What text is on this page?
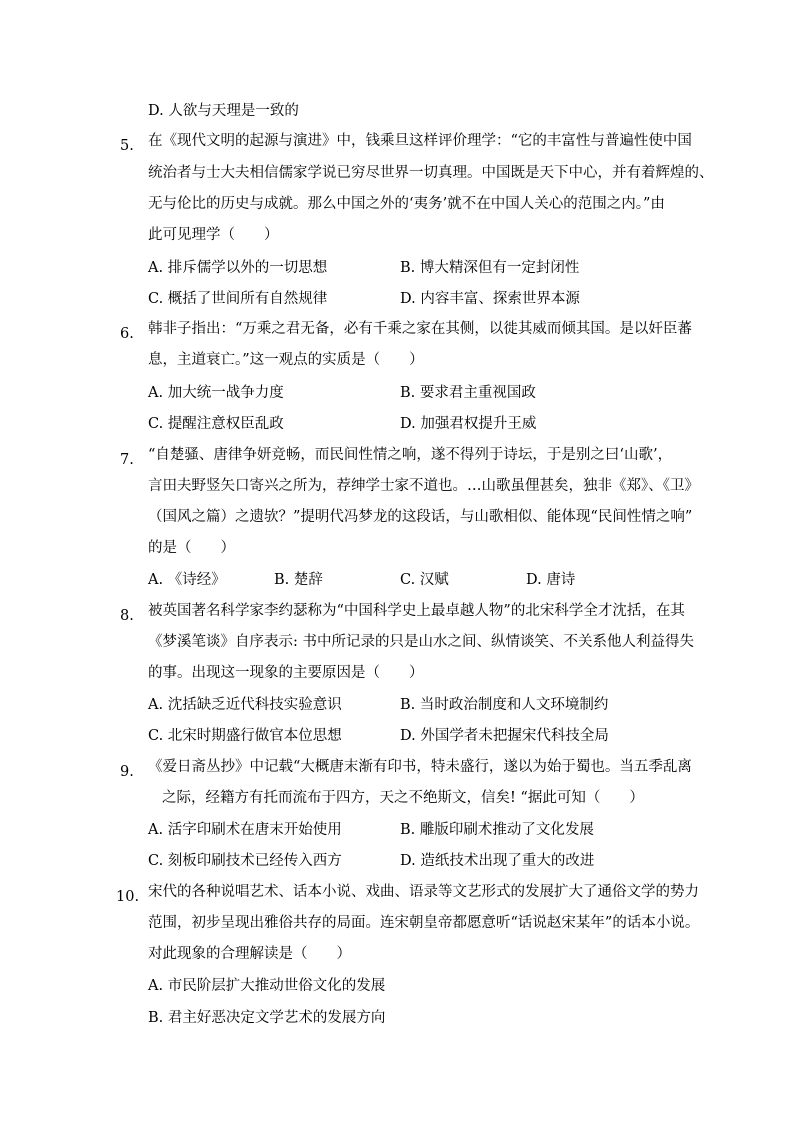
D. 人欲与天理是一致的
5. 在《现代文明的起源与演进》中，钱乘旦这样评价理学：“它的丰富性与普遍性使中国
统治者与士大夫相信儒家学说已穷尽世界一切真理。中国既是天下中心，并有着辉煌的、
无与伦比的历史与成就。那么中国之外的‘夷务’就不在中国人关心的范围之内。”由
此可见理学（　　）
A. 排斥儒学以外的一切思想	B. 博大精深但有一定封闭性
C. 概括了世间所有自然规律	D. 内容丰富、探索世界本源
6. 韩非子指出：“万乘之君无备，必有千乘之家在其侧，以徙其威而倾其国。是以奸臣蕃
息，主道衰亡。”这一观点的实质是（　　）
A. 加大统一战争力度	B. 要求君主重视国政
C. 提醒注意权臣乱政	D. 加强君权提升王威
7. “自楚骚、唐律争妍竞畅，而民间性情之响，遂不得列于诗坛，于是别之曰‘山歌’，
言田夫野竖矢口寄兴之所为，荐绅学士家不道也。…山歌虽俚甚矣，独非《郑》、《卫》
（国风之篇）之遗欤？”提明代冯梦龙的这段话，与山歌相似、能体现“民间性情之响”
的是（　　）
A. 《诗经》	B. 楚辞	C. 汉赋	D. 唐诗
8. 被英国著名科学家李约瑟称为“中国科学史上最卓越人物”的北宋科学全才沈括，在其
《梦溪笔谈》自序表示: 书中所记录的只是山水之间、纵情谈笑、不关系他人利益得失
的事。出现这一现象的主要原因是（　　）
A. 沈括缺乏近代科技实验意识	B. 当时政治制度和人文环境制约
C. 北宋时期盛行做官本位思想	D. 外国学者未把握宋代科技全局
9. 《爱日斋丛抄》中记载“大概唐末渐有印书，特未盛行，遂以为始于蜀也。当五季乱离
之际，经籍方有托而流布于四方，天之不绝斯文，信矣! “据此可知（　　）
A. 活字印刷术在唐末开始使用	B. 雕版印刷术推动了文化发展
C. 刻板印刷技术已经传入西方	D. 造纸技术出现了重大的改进
10. 宋代的各种说唱艺术、话本小说、戏曲、语录等文艺形式的发展扩大了通俗文学的势力
范围，初步呈现出雅俗共存的局面。连宋朝皇帝都愿意听“话说赵宋某年”的话本小说。
对此现象的合理解读是（　　）
A. 市民阶层扩大推动世俗文化的发展
B. 君主好恶决定文学艺术的发展方向
